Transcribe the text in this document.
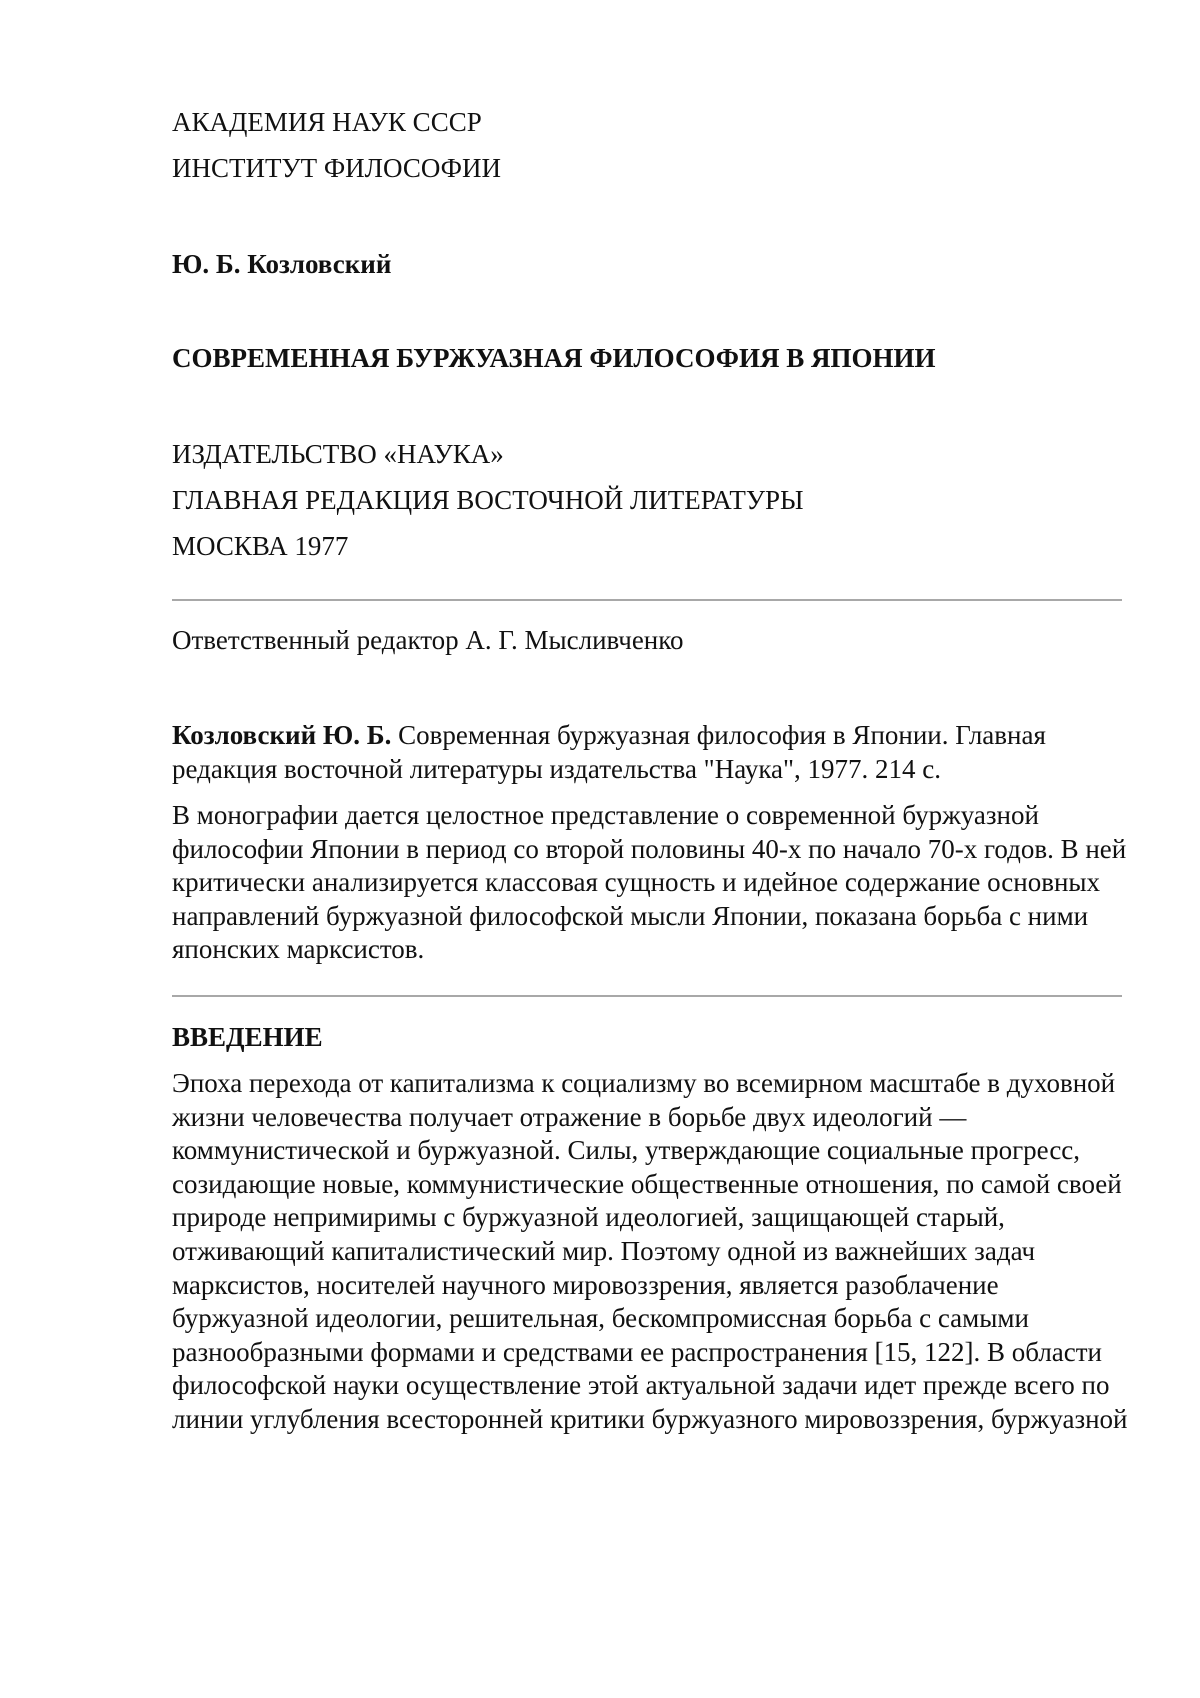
АКАДЕМИЯ НАУК СССР

ИНСТИТУТ ФИЛОСОФИИ

Ю. Б. Козловский

СОВРЕМЕННАЯ БУРЖУАЗНАЯ ФИЛОСОФИЯ В ЯПОНИИ

ИЗДАТЕЛЬСТВО «НАУКА»

ГЛАВНАЯ РЕДАКЦИЯ ВОСТОЧНОЙ ЛИТЕРАТУРЫ

МОСКВА 1977

Ответственный редактор А. Г. Мысливченко

Козловский Ю. Б. Современная буржуазная философия в Японии. Главная редакция восточной литературы издательства "Наука", 1977. 214 с.

В монографии дается целостное представление о современной буржуазной философии Японии в период со второй половины 40-х по начало 70-х годов. В ней критически анализируется классовая сущность и идейное содержание основных направлений буржуазной философской мысли Японии, показана борьба с ними японских марксистов.

ВВЕДЕНИЕ

Эпоха перехода от капитализма к социализму во всемирном масштабе в духовной жизни человечества получает отражение в борьбе двух идеологий — коммунистической и буржуазной. Силы, утверждающие социальные прогресс, созидающие новые, коммунистические общественные отношения, по самой своей природе непримиримы с буржуазной идеологией, защищающей старый, отживающий капиталистический мир. Поэтому одной из важнейших задач марксистов, носителей научного мировоззрения, является разоблачение буржуазной идеологии, решительная, бескомпромиссная борьба с самыми разнообразными формами и средствами ее распространения [15, 122]. В области философской науки осуществление этой актуальной задачи идет прежде всего по линии углубления всесторонней критики буржуазного мировоззрения, буржуазной
